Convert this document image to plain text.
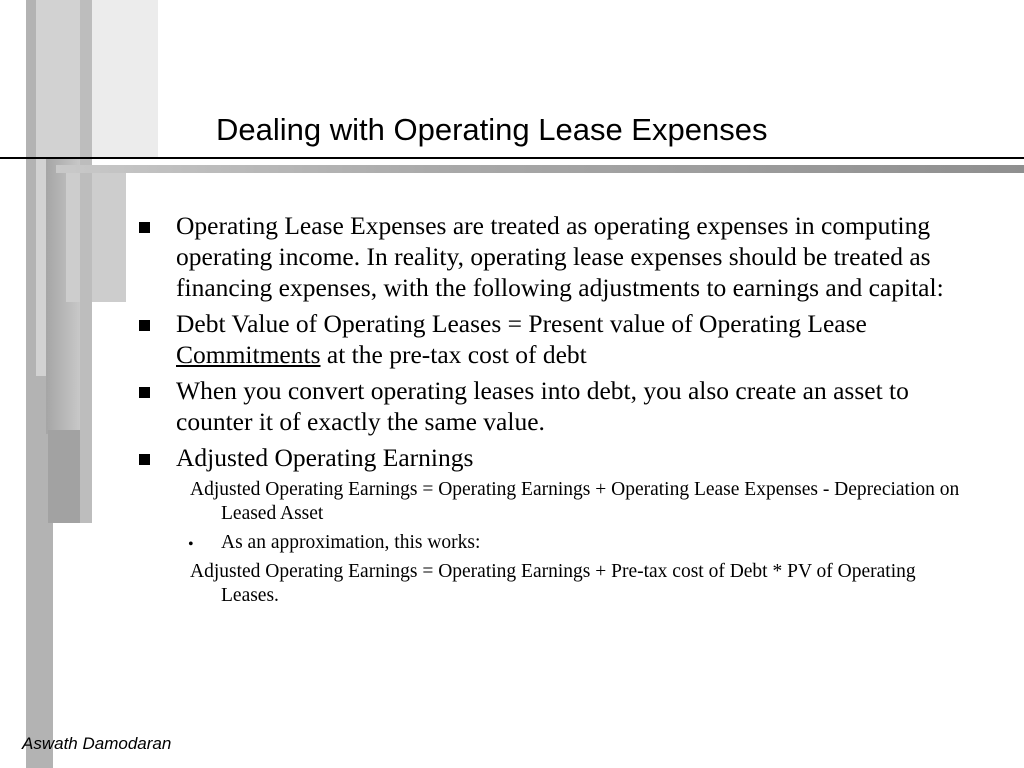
Dealing with Operating Lease Expenses
Operating Lease Expenses are treated as operating expenses in computing operating income. In reality, operating lease expenses should be treated as financing expenses, with the following adjustments to earnings and capital:
Debt Value of Operating Leases = Present value of Operating Lease Commitments at the pre-tax cost of debt
When you convert operating leases into debt, you also create an asset to counter it of exactly the same value.
Adjusted Operating Earnings
Adjusted Operating Earnings = Operating Earnings + Operating Lease Expenses - Depreciation on Leased Asset
• As an approximation, this works:
Adjusted Operating Earnings = Operating Earnings + Pre-tax cost of Debt * PV of Operating Leases.
Aswath Damodaran
